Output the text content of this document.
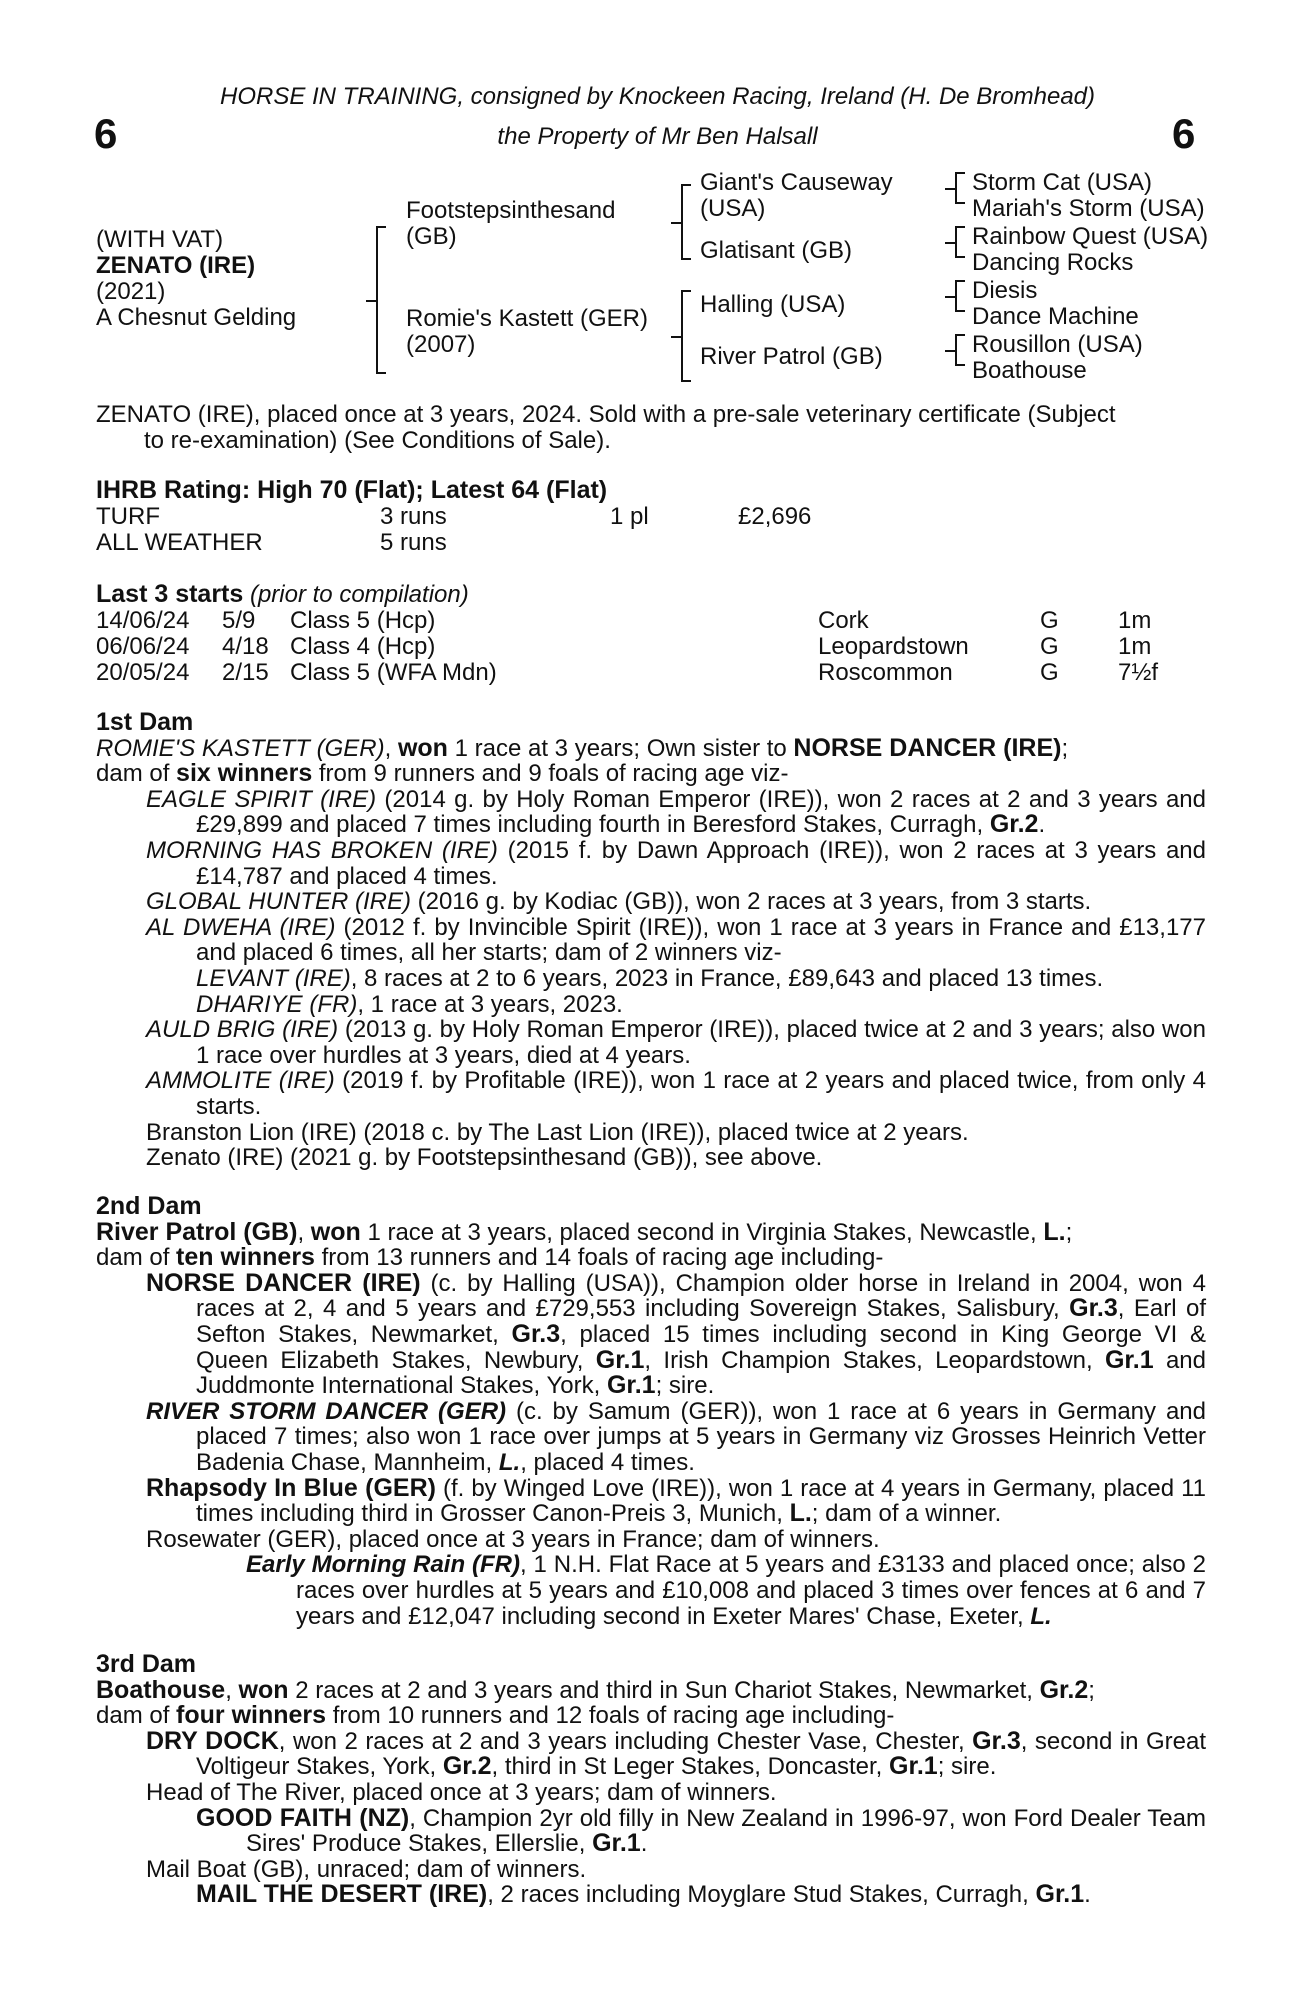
HORSE IN TRAINING, consigned by Knockeen Racing, Ireland (H. De Bromhead)
the Property of Mr Ben Halsall
6	6
(WITH VAT)
ZENATO (IRE)
(2021)
A Chesnut Gelding
Footstepsinthesand
(GB)
Romie's Kastett (GER)
(2007)
Giant's Causeway
(USA)
Glatisant (GB)
Halling (USA)
River Patrol (GB)
Storm Cat (USA)
Mariah's Storm (USA)
Rainbow Quest (USA)
Dancing Rocks
Diesis
Dance Machine
Rousillon (USA)
Boathouse
ZENATO (IRE), placed once at 3 years, 2024. Sold with a pre-sale veterinary certificate (Subject
to re-examination) (See Conditions of Sale).
IHRB Rating: High 70 (Flat); Latest 64 (Flat)
TURF	3 runs	1 pl	£2,696
ALL WEATHER	5 runs
Last 3 starts (prior to compilation)
14/06/24 5/9 Class 5 (Hcp)	Cork	G 1m
06/06/24 4/18 Class 4 (Hcp)	Leopardstown	G 1m
20/05/24 2/15 Class 5 (WFA Mdn)	Roscommon	G 7½f

1st Dam

ROMIE'S KASTETT (GER), won 1 race at 3 years; Own sister to NORSE DANCER (IRE);

dam of six winners from 9 runners and 9 foals of racing age viz-

EAGLE SPIRIT (IRE) (2014 g. by Holy Roman Emperor (IRE)), won 2 races at 2 and 3 years and £29,899 and placed 7 times including fourth in Beresford Stakes, Curragh, Gr.2.

MORNING HAS BROKEN (IRE) (2015 f. by Dawn Approach (IRE)), won 2 races at 3 years and £14,787 and placed 4 times.

GLOBAL HUNTER (IRE) (2016 g. by Kodiac (GB)), won 2 races at 3 years, from 3 starts.

AL DWEHA (IRE) (2012 f. by Invincible Spirit (IRE)), won 1 race at 3 years in France and £13,177 and placed 6 times, all her starts; dam of 2 winners viz-

LEVANT (IRE), 8 races at 2 to 6 years, 2023 in France, £89,643 and placed 13 times.

DHARIYE (FR), 1 race at 3 years, 2023.

AULD BRIG (IRE) (2013 g. by Holy Roman Emperor (IRE)), placed twice at 2 and 3 years; also won 1 race over hurdles at 3 years, died at 4 years.

AMMOLITE (IRE) (2019 f. by Profitable (IRE)), won 1 race at 2 years and placed twice, from only 4 starts.

Branston Lion (IRE) (2018 c. by The Last Lion (IRE)), placed twice at 2 years.

Zenato (IRE) (2021 g. by Footstepsinthesand (GB)), see above.

2nd Dam

River Patrol (GB), won 1 race at 3 years, placed second in Virginia Stakes, Newcastle, L.;

dam of ten winners from 13 runners and 14 foals of racing age including-

NORSE DANCER (IRE) (c. by Halling (USA)), Champion older horse in Ireland in 2004, won 4 races at 2, 4 and 5 years and £729,553 including Sovereign Stakes, Salisbury, Gr.3, Earl of Sefton Stakes, Newmarket, Gr.3, placed 15 times including second in King George VI & Queen Elizabeth Stakes, Newbury, Gr.1, Irish Champion Stakes, Leopardstown, Gr.1 and Juddmonte International Stakes, York, Gr.1; sire.

RIVER STORM DANCER (GER) (c. by Samum (GER)), won 1 race at 6 years in Germany and placed 7 times; also won 1 race over jumps at 5 years in Germany viz Grosses Heinrich Vetter Badenia Chase, Mannheim, L., placed 4 times.

Rhapsody In Blue (GER) (f. by Winged Love (IRE)), won 1 race at 4 years in Germany, placed 11 times including third in Grosser Canon-Preis 3, Munich, L.; dam of a winner.

Rosewater (GER), placed once at 3 years in France; dam of winners.

Early Morning Rain (FR), 1 N.H. Flat Race at 5 years and £3133 and placed once; also 2 races over hurdles at 5 years and £10,008 and placed 3 times over fences at 6 and 7 years and £12,047 including second in Exeter Mares' Chase, Exeter, L.

3rd Dam

Boathouse, won 2 races at 2 and 3 years and third in Sun Chariot Stakes, Newmarket, Gr.2;

dam of four winners from 10 runners and 12 foals of racing age including-

DRY DOCK, won 2 races at 2 and 3 years including Chester Vase, Chester, Gr.3, second in Great Voltigeur Stakes, York, Gr.2, third in St Leger Stakes, Doncaster, Gr.1; sire.

Head of The River, placed once at 3 years; dam of winners.

GOOD FAITH (NZ), Champion 2yr old filly in New Zealand in 1996-97, won Ford Dealer Team Sires' Produce Stakes, Ellerslie, Gr.1.

Mail Boat (GB), unraced; dam of winners.

MAIL THE DESERT (IRE), 2 races including Moyglare Stud Stakes, Curragh, Gr.1.
